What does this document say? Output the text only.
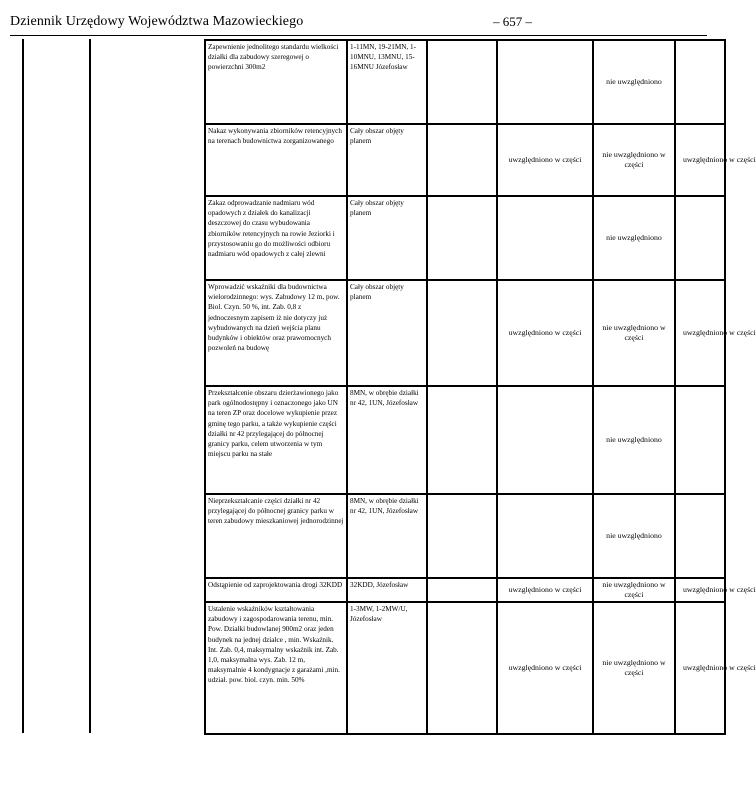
Dziennik Urzędowy Województwa Mazowieckiego	– 657 –
Zapewnienie jednolitego standardu wielkości działki dla zabudowy szeregowej o powierzchni 300m2	1-11MN, 19-21MN, 1-10MNU, 13MNU, 15-16MNU Józefosław			nie uwzględniono	
Nakaz wykonywania zbiorników retencyjnych na terenach budownictwa zorganizowanego	Cały obszar objęty planem		uwzględniono w części	nie uwzględniono w części	uwzględniono w części
Zakaz odprowadzanie nadmiaru wód opadowych z działek do kanalizacji deszczowej do czasu wybudowania zbiorników retencyjnych na rowie Jeziorki i przystosowaniu go do możliwości odbioru nadmiaru wód opadowych z całej zlewni	Cały obszar objęty planem			nie uwzględniono	
Wprowadzić wskaźniki dla budownictwa wielorodzinnego: wys. Zabudowy 12 m, pow. Biol. Czyn. 50 %, int. Zab. 0,8 z jednoczesnym zapisem iż nie dotyczy już wybudowanych na dzień wejścia planu budynków i obiektów oraz prawomocnych pozwoleń na budowę	Cały obszar objęty planem		uwzględniono w części	nie uwzględniono w części	uwzględniono w części
Przekształcenie obszaru dzierżawionego jako park ogólnodostępny i oznaczonego jako UN na teren ZP oraz docelowe wykupienie przez gminę tego parku, a także wykupienie części działki nr 42 przylegającej do północnej granicy parku, celem utworzenia w tym miejscu parku na stałe	8MN, w obrębie działki nr 42, 1UN, Józefosław			nie uwzględniono	
Nieprzekształcanie części działki nr 42 przylegającej do północnej granicy parku w teren zabudowy mieszkaniowej jednorodzinnej	8MN, w obrębie działki nr 42, 1UN, Józefosław			nie uwzględniono	
Odstąpienie od zaprojektowania drogi 32KDD	32KDD, Józefosław		uwzględniono w części	nie uwzględniono w części	uwzględniono w części
Ustalenie wskaźników kształtowania zabudowy i zagospodarowania terenu, min. Pow. Działki budowlanej 900m2 oraz jeden budynek na jednej działce , min. Wskaźnik. Int. Zab. 0,4, maksymalny wskaźnik int. Zab. 1,0, maksymalna wys. Zab. 12 m, maksymalnie 4 kondygnacje z garażami ,min. udział. pow. biol. czyn. min. 50%	1-3MW, 1-2MW/U, Józefosław		uwzględniono w części	nie uwzględniono w części	uwzględniono w części
